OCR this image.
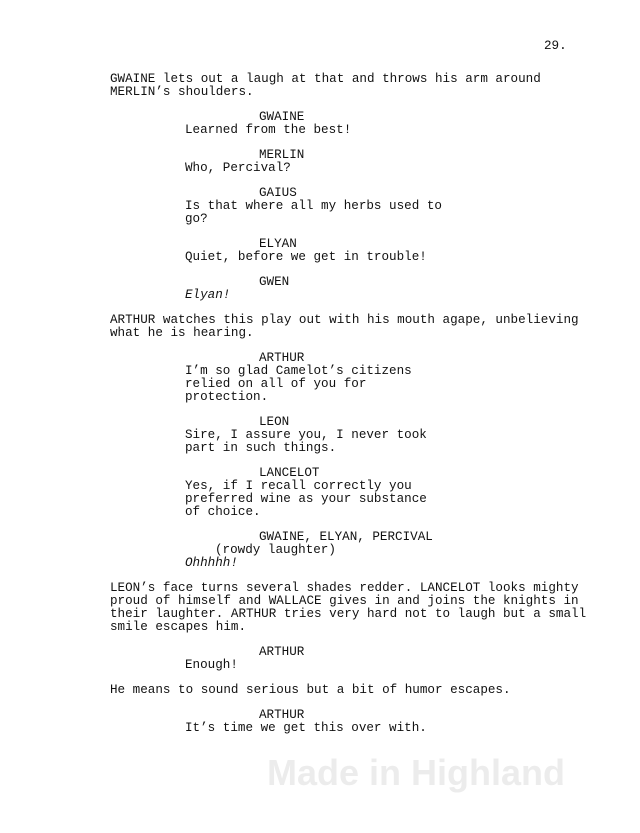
29.
GWAINE lets out a laugh at that and throws his arm around
MERLIN’s shoulders.
GWAINE
Learned from the best!
MERLIN
Who, Percival?
GAIUS
Is that where all my herbs used to
go?
ELYAN
Quiet, before we get in trouble!
GWEN
Elyan!
ARTHUR watches this play out with his mouth agape, unbelieving
what he is hearing.
ARTHUR
I’m so glad Camelot’s citizens
relied on all of you for
protection.
LEON
Sire, I assure you, I never took
part in such things.
LANCELOT
Yes, if I recall correctly you
preferred wine as your substance
of choice.
GWAINE, ELYAN, PERCIVAL
(rowdy laughter)
Ohhhhh!
LEON’s face turns several shades redder. LANCELOT looks mighty
proud of himself and WALLACE gives in and joins the knights in
their laughter. ARTHUR tries very hard not to laugh but a small
smile escapes him.
ARTHUR
Enough!
He means to sound serious but a bit of humor escapes.
ARTHUR
It’s time we get this over with.
Made in Highland
